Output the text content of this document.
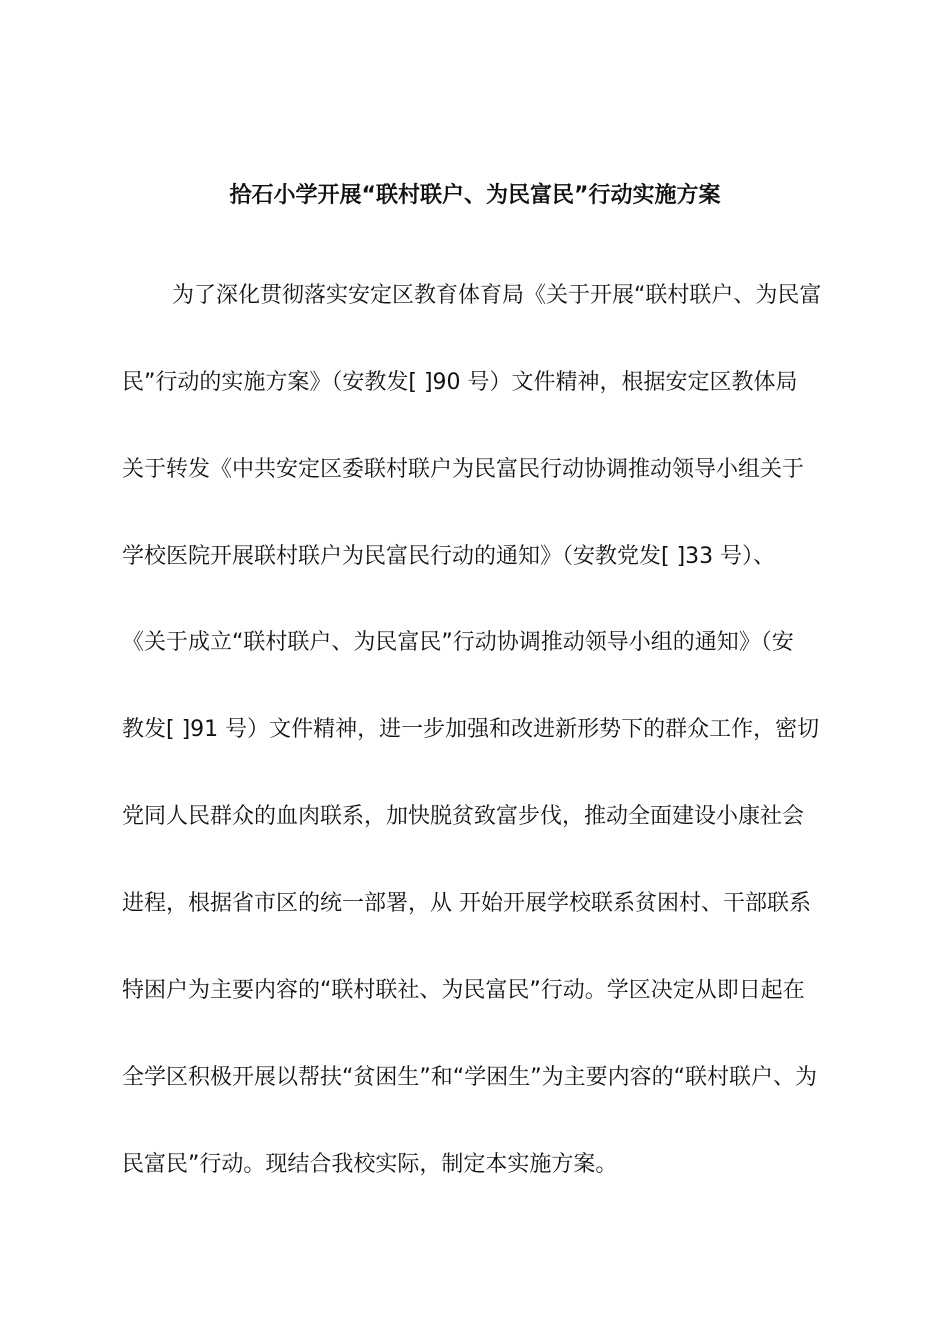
拾石小学开展“联村联户、为民富民”行动实施方案
为了深化贯彻落实安定区教育体育局《关于开展“联村联户、为民富
民”行动的实施方案》（安教发[ ]90 号）文件精神，根据安定区教体局
关于转发《中共安定区委联村联户为民富民行动协调推动领导小组关于
学校医院开展联村联户为民富民行动的通知》（安教党发[ ]33 号）、
《关于成立“联村联户、为民富民”行动协调推动领导小组的通知》（安
教发[ ]91 号）文件精神，进一步加强和改进新形势下的群众工作，密切
党同人民群众的血肉联系，加快脱贫致富步伐，推动全面建设小康社会
进程，根据省市区的统一部署，从 开始开展学校联系贫困村、干部联系
特困户为主要内容的“联村联社、为民富民”行动。学区决定从即日起在
全学区积极开展以帮扶“贫困生”和“学困生”为主要内容的“联村联户、为
民富民”行动。现结合我校实际，制定本实施方案。
